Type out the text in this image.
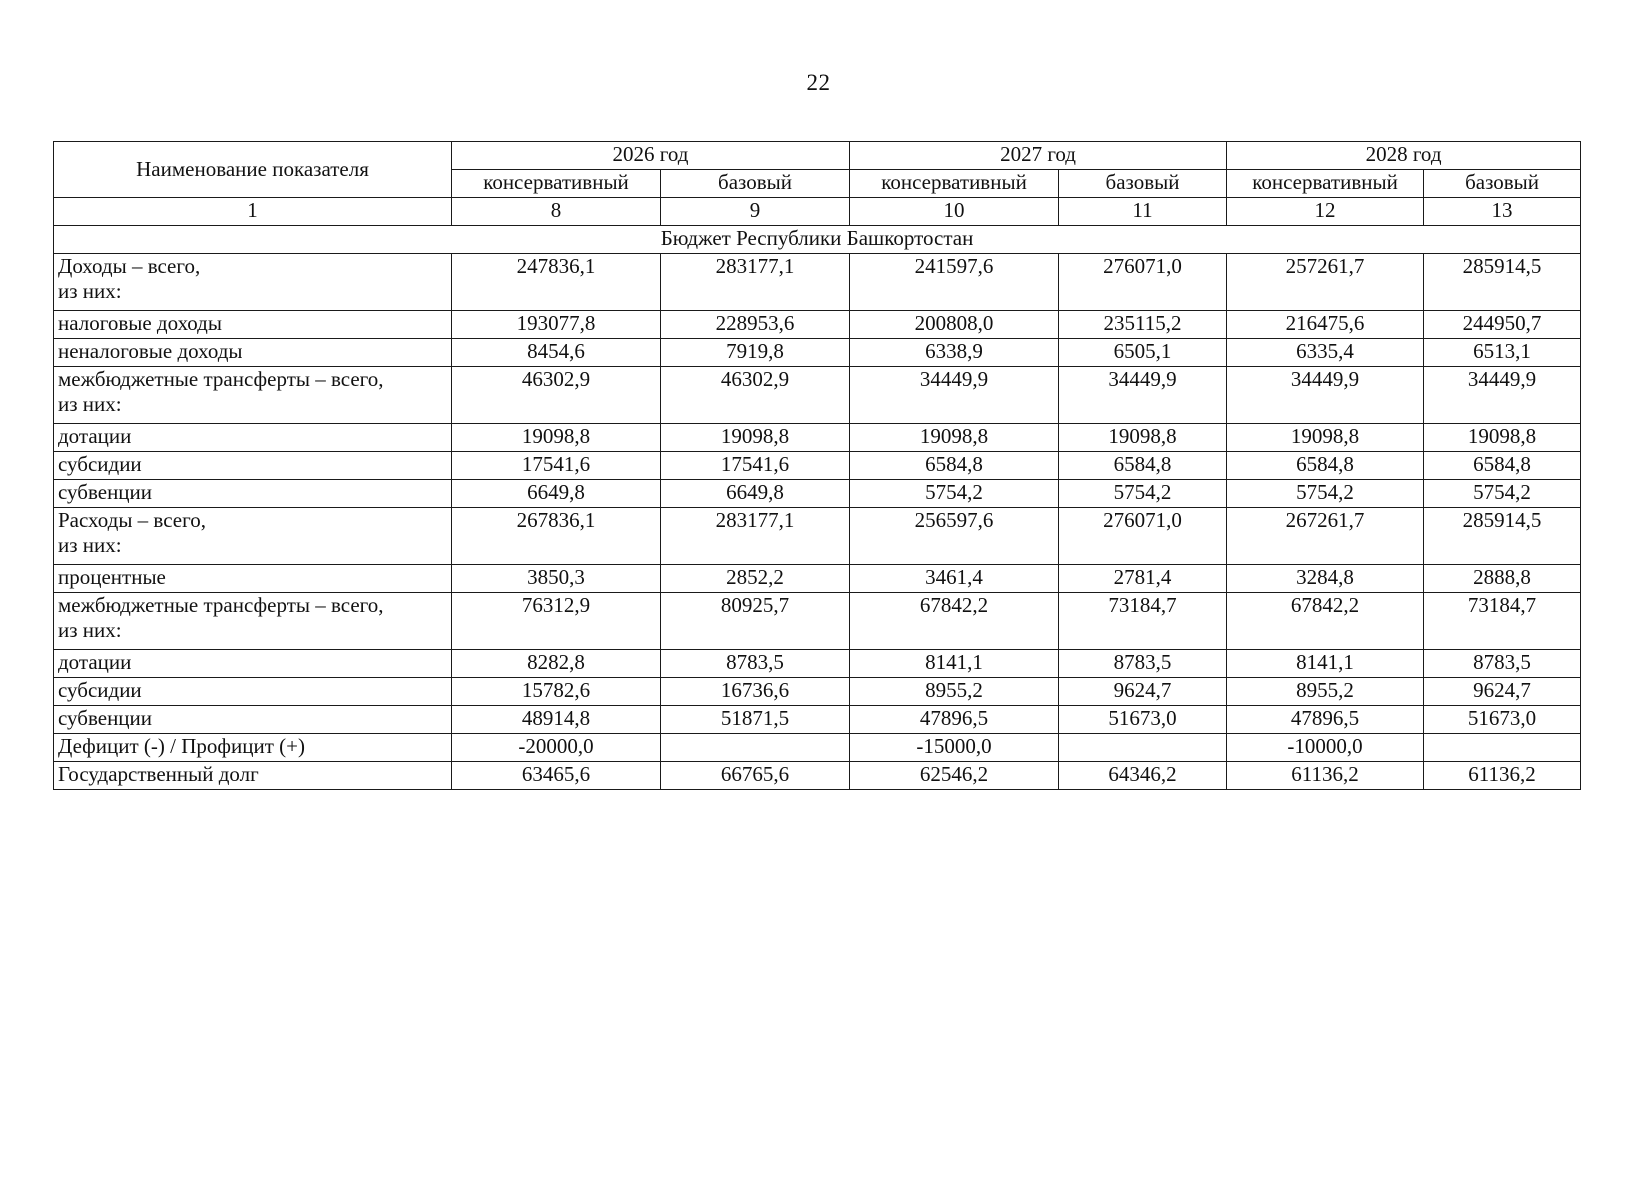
22
Наименование показателя	2026 год		2027 год		2028 год	
	консервативный	базовый	консервативный	базовый	консервативный	базовый
1	8	9	10	11	12	13
Бюджет Республики Башкортостан						
Доходы – всего,
из них:	247836,1	283177,1	241597,6	276071,0	257261,7	285914,5
налоговые доходы	193077,8	228953,6	200808,0	235115,2	216475,6	244950,7
неналоговые доходы	8454,6	7919,8	6338,9	6505,1	6335,4	6513,1
межбюджетные трансферты – всего,
из них:	46302,9	46302,9	34449,9	34449,9	34449,9	34449,9
дотации	19098,8	19098,8	19098,8	19098,8	19098,8	19098,8
субсидии	17541,6	17541,6	6584,8	6584,8	6584,8	6584,8
субвенции	6649,8	6649,8	5754,2	5754,2	5754,2	5754,2
Расходы – всего,
из них:	267836,1	283177,1	256597,6	276071,0	267261,7	285914,5
процентные	3850,3	2852,2	3461,4	2781,4	3284,8	2888,8
межбюджетные трансферты – всего,
из них:	76312,9	80925,7	67842,2	73184,7	67842,2	73184,7
дотации	8282,8	8783,5	8141,1	8783,5	8141,1	8783,5
субсидии	15782,6	16736,6	8955,2	9624,7	8955,2	9624,7
субвенции	48914,8	51871,5	47896,5	51673,0	47896,5	51673,0
Дефицит (-) / Профицит (+)	-20000,0		-15000,0		-10000,0	
Государственный долг	63465,6	66765,6	62546,2	64346,2	61136,2	61136,2
